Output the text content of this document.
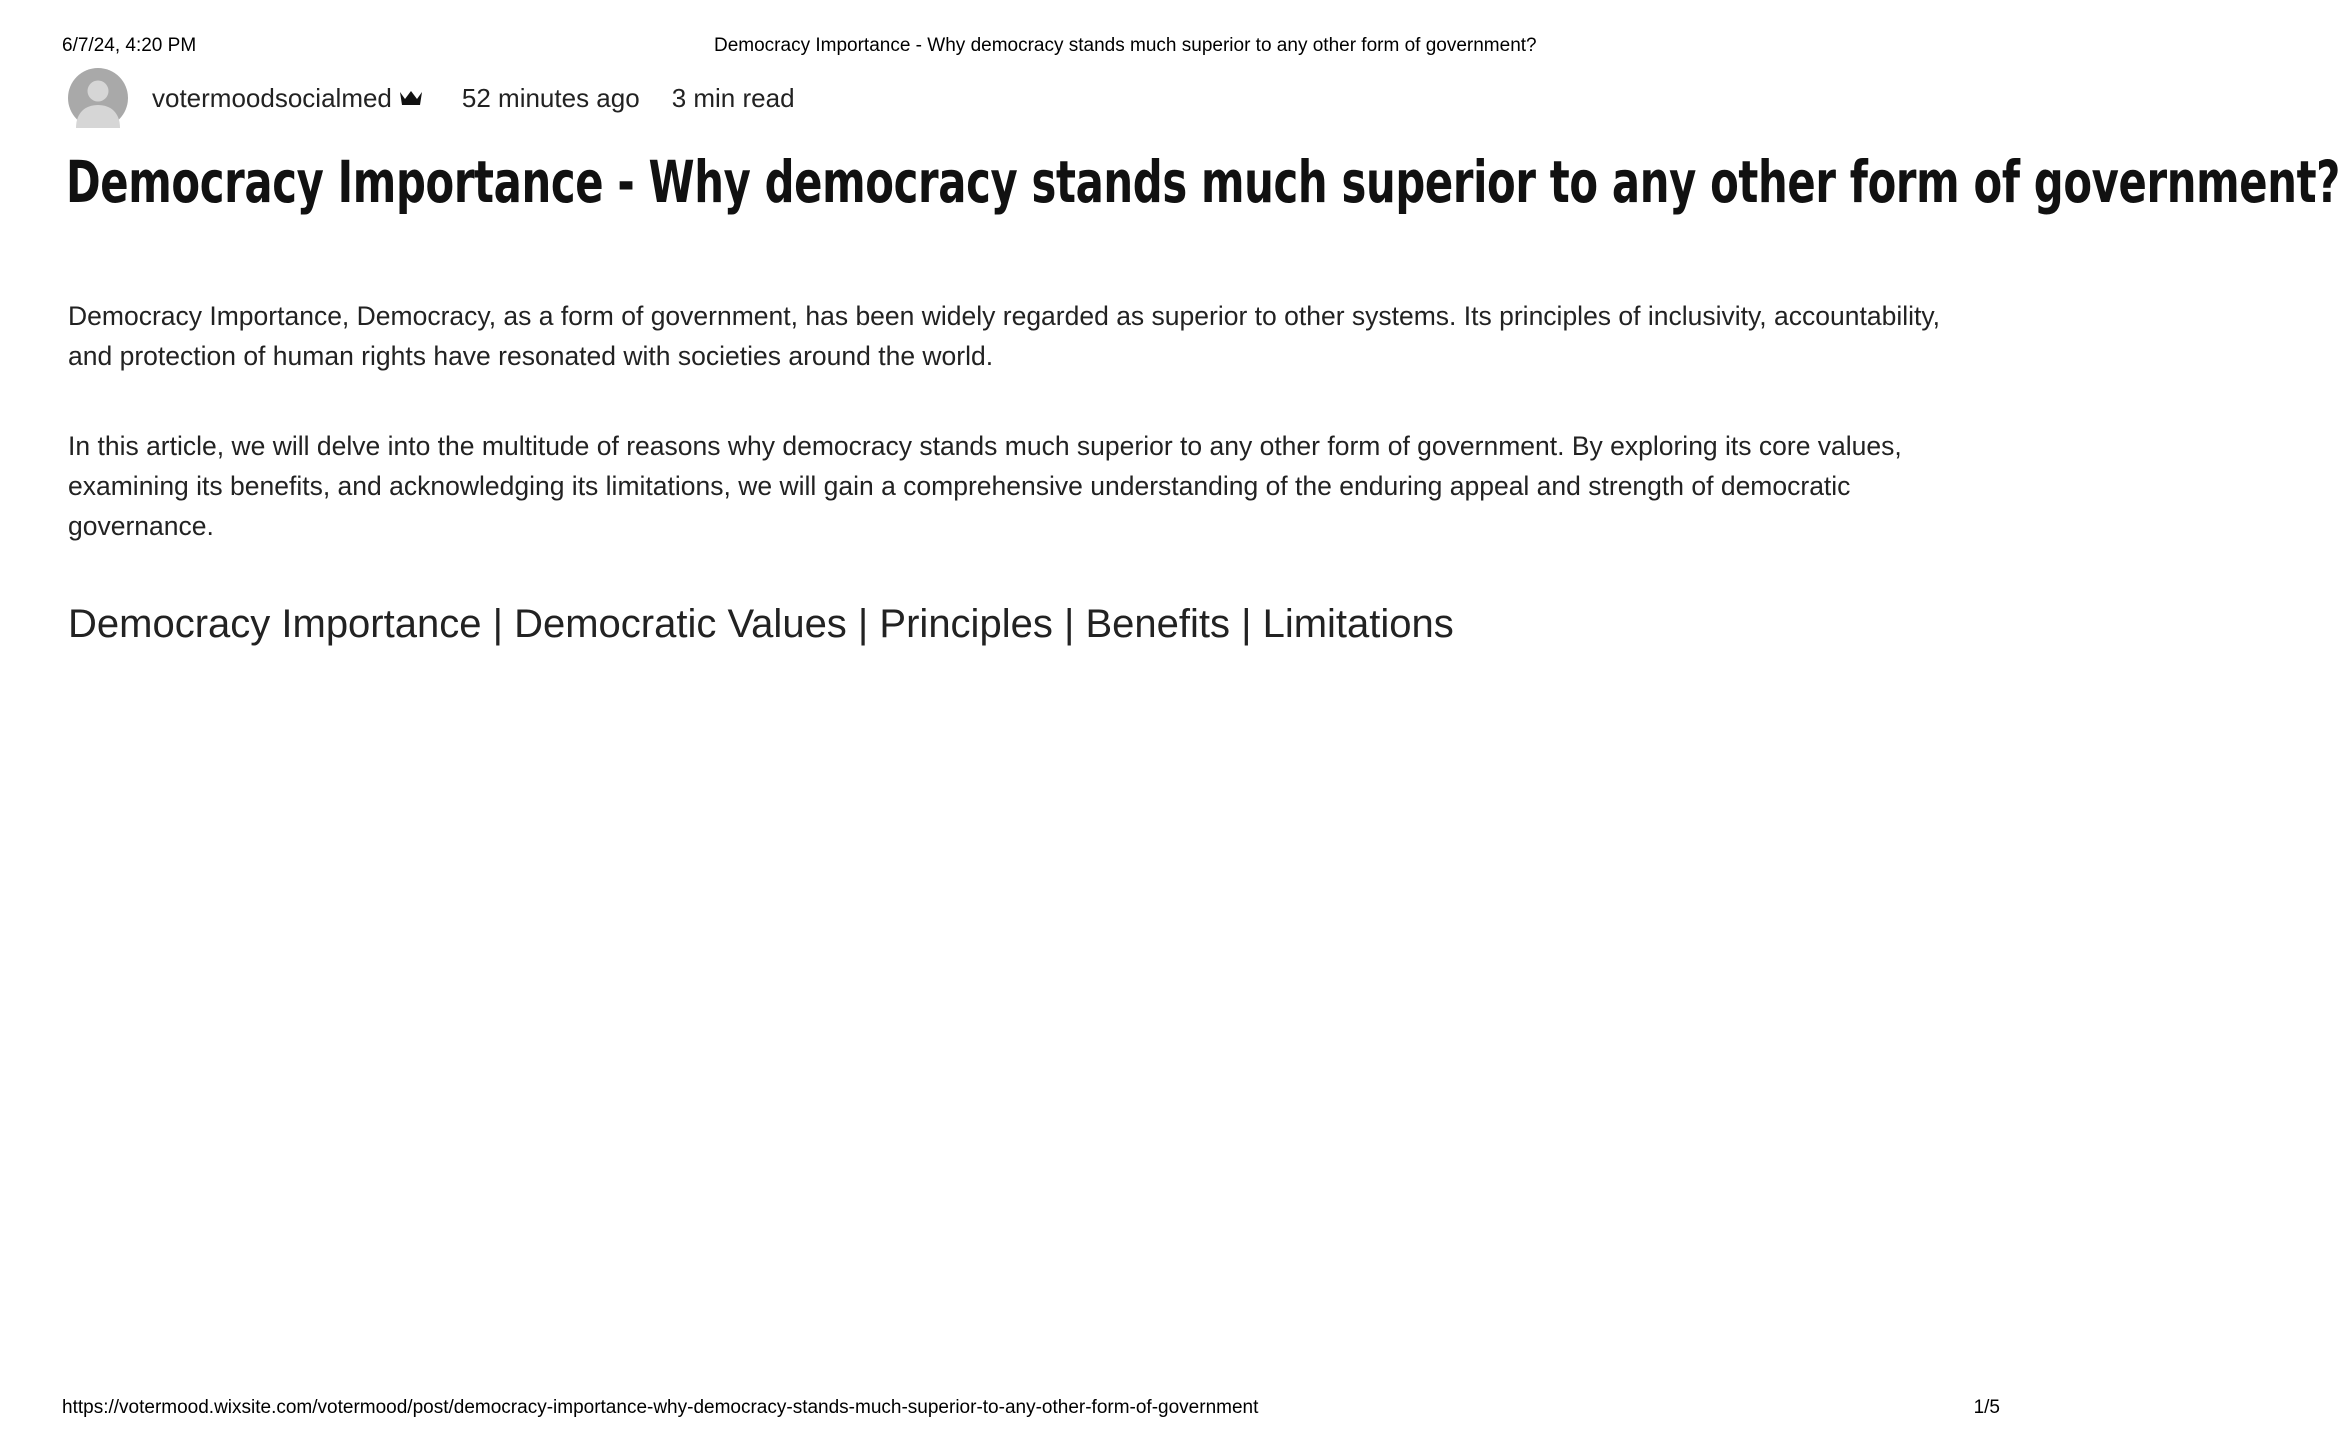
6/7/24, 4:20 PM	Democracy Importance - Why democracy stands much superior to any other form of government?
votermoodsocialmed	52 minutes ago 3 min read
Democracy Importance - Why democracy stands much superior to any other form of government?

Democracy Importance, Democracy, as a form of government, has been widely regarded as superior to other systems. Its principles of inclusivity, accountability, and protection of human rights have resonated with societies around the world.

In this article, we will delve into the multitude of reasons why democracy stands much superior to any other form of government. By exploring its core values, examining its benefits, and acknowledging its limitations, we will gain a comprehensive understanding of the enduring appeal and strength of democratic governance.

Democracy Importance | Democratic Values | Principles | Benefits | Limitations
https://votermood.wixsite.com/votermood/post/democracy-importance-why-democracy-stands-much-superior-to-any-other-form-of-government	1/5
